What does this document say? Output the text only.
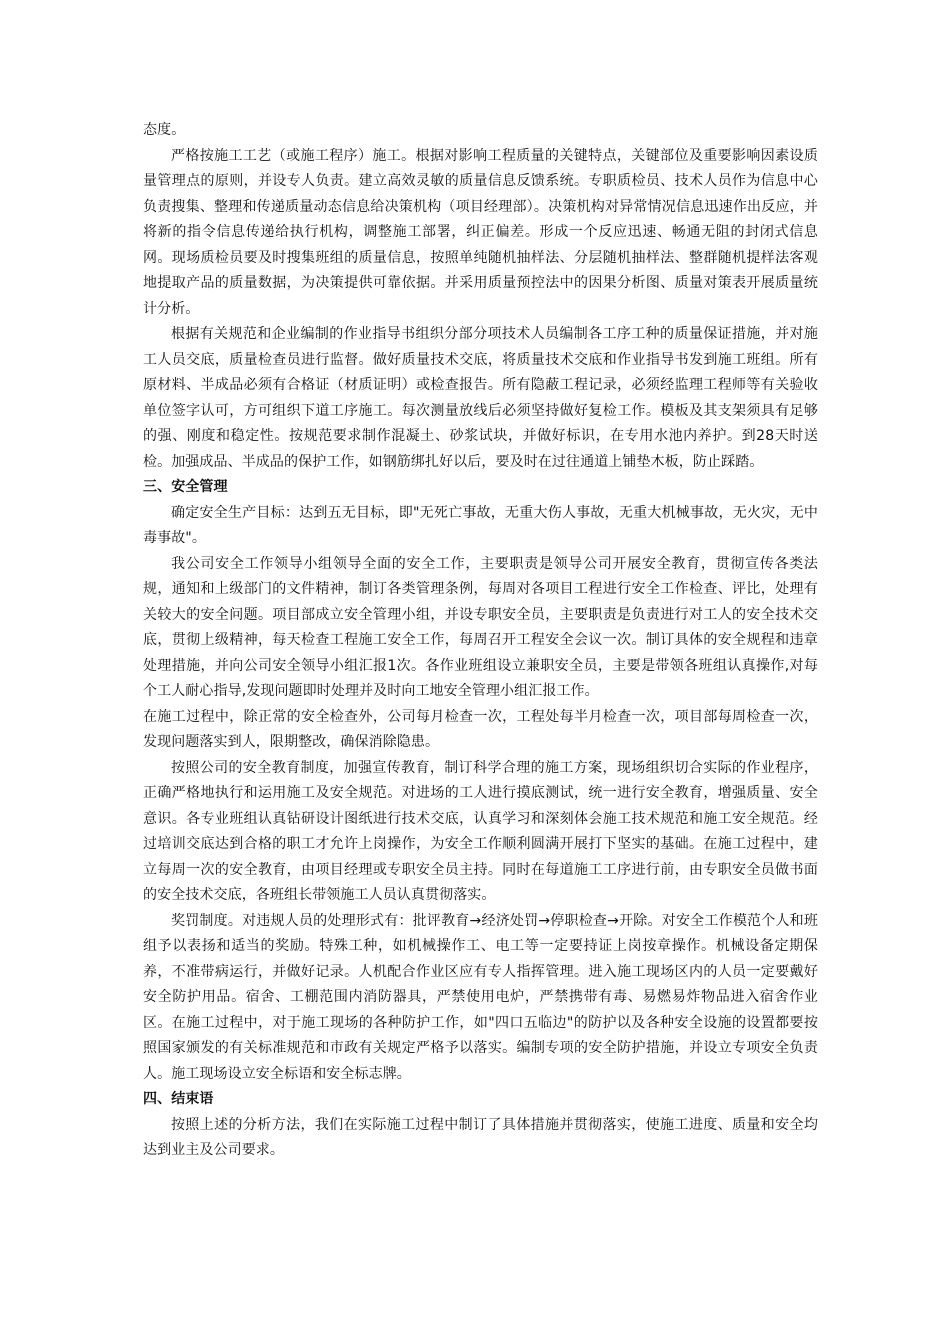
态度。

严格按施工工艺（或施工程序）施工。根据对影响工程质量的关键特点，关键部位及重要影响因素设质量管理点的原则，并设专人负责。建立高效灵敏的质量信息反馈系统。专职质检员、技术人员作为信息中心负责搜集、整理和传递质量动态信息给决策机构（项目经理部）。决策机构对异常情况信息迅速作出反应，并将新的指令信息传递给执行机构，调整施工部署，纠正偏差。形成一个反应迅速、畅通无阻的封闭式信息网。现场质检员要及时搜集班组的质量信息，按照单纯随机抽样法、分层随机抽样法、整群随机提样法客观地提取产品的质量数据，为决策提供可靠依据。并采用质量预控法中的因果分析图、质量对策表开展质量统计分析。

根据有关规范和企业编制的作业指导书组织分部分项技术人员编制各工序工种的质量保证措施，并对施工人员交底，质量检查员进行监督。做好质量技术交底，将质量技术交底和作业指导书发到施工班组。所有原材料、半成品必须有合格证（材质证明）或检查报告。所有隐蔽工程记录，必须经监理工程师等有关验收单位签字认可，方可组织下道工序施工。每次测量放线后必须坚持做好复检工作。模板及其支架须具有足够的强、刚度和稳定性。按规范要求制作混凝土、砂浆试块，并做好标识，在专用水池内养护。到28天时送检。加强成品、半成品的保护工作，如钢筋绑扎好以后，要及时在过往通道上铺垫木板，防止踩踏。

三、安全管理

确定安全生产目标：达到五无目标，即"无死亡事故，无重大伤人事故，无重大机械事故，无火灾，无中毒事故"。

我公司安全工作领导小组领导全面的安全工作，主要职责是领导公司开展安全教育，贯彻宣传各类法规，通知和上级部门的文件精神，制订各类管理条例，每周对各项目工程进行安全工作检查、评比，处理有关较大的安全问题。项目部成立安全管理小组，并设专职安全员，主要职责是负责进行对工人的安全技术交底，贯彻上级精神，每天检查工程施工安全工作，每周召开工程安全会议一次。制订具体的安全规程和违章处理措施，并向公司安全领导小组汇报1次。各作业班组设立兼职安全员，主要是带领各班组认真操作,对每个工人耐心指导,发现问题即时处理并及时向工地安全管理小组汇报工作。

在施工过程中，除正常的安全检查外，公司每月检查一次，工程处每半月检查一次，项目部每周检查一次，发现问题落实到人，限期整改，确保消除隐患。

按照公司的安全教育制度，加强宣传教育，制订科学合理的施工方案，现场组织切合实际的作业程序，正确严格地执行和运用施工及安全规范。对进场的工人进行摸底测试，统一进行安全教育，增强质量、安全意识。各专业班组认真钻研设计图纸进行技术交底，认真学习和深刻体会施工技术规范和施工安全规范。经过培训交底达到合格的职工才允许上岗操作，为安全工作顺利圆满开展打下坚实的基础。在施工过程中，建立每周一次的安全教育，由项目经理或专职安全员主持。同时在每道施工工序进行前，由专职安全员做书面的安全技术交底，各班组长带领施工人员认真贯彻落实。

奖罚制度。对违规人员的处理形式有：批评教育→经济处罚→停职检查→开除。对安全工作模范个人和班组予以表扬和适当的奖励。特殊工种，如机械操作工、电工等一定要持证上岗按章操作。机械设备定期保养，不准带病运行，并做好记录。人机配合作业区应有专人指挥管理。进入施工现场区内的人员一定要戴好安全防护用品。宿舍、工棚范围内消防器具，严禁使用电炉，严禁携带有毒、易燃易炸物品进入宿舍作业区。在施工过程中，对于施工现场的各种防护工作，如"四口五临边"的防护以及各种安全设施的设置都要按照国家颁发的有关标准规范和市政有关规定严格予以落实。编制专项的安全防护措施，并设立专项安全负责人。施工现场设立安全标语和安全标志牌。

四、结束语

按照上述的分析方法，我们在实际施工过程中制订了具体措施并贯彻落实，使施工进度、质量和安全均达到业主及公司要求。
